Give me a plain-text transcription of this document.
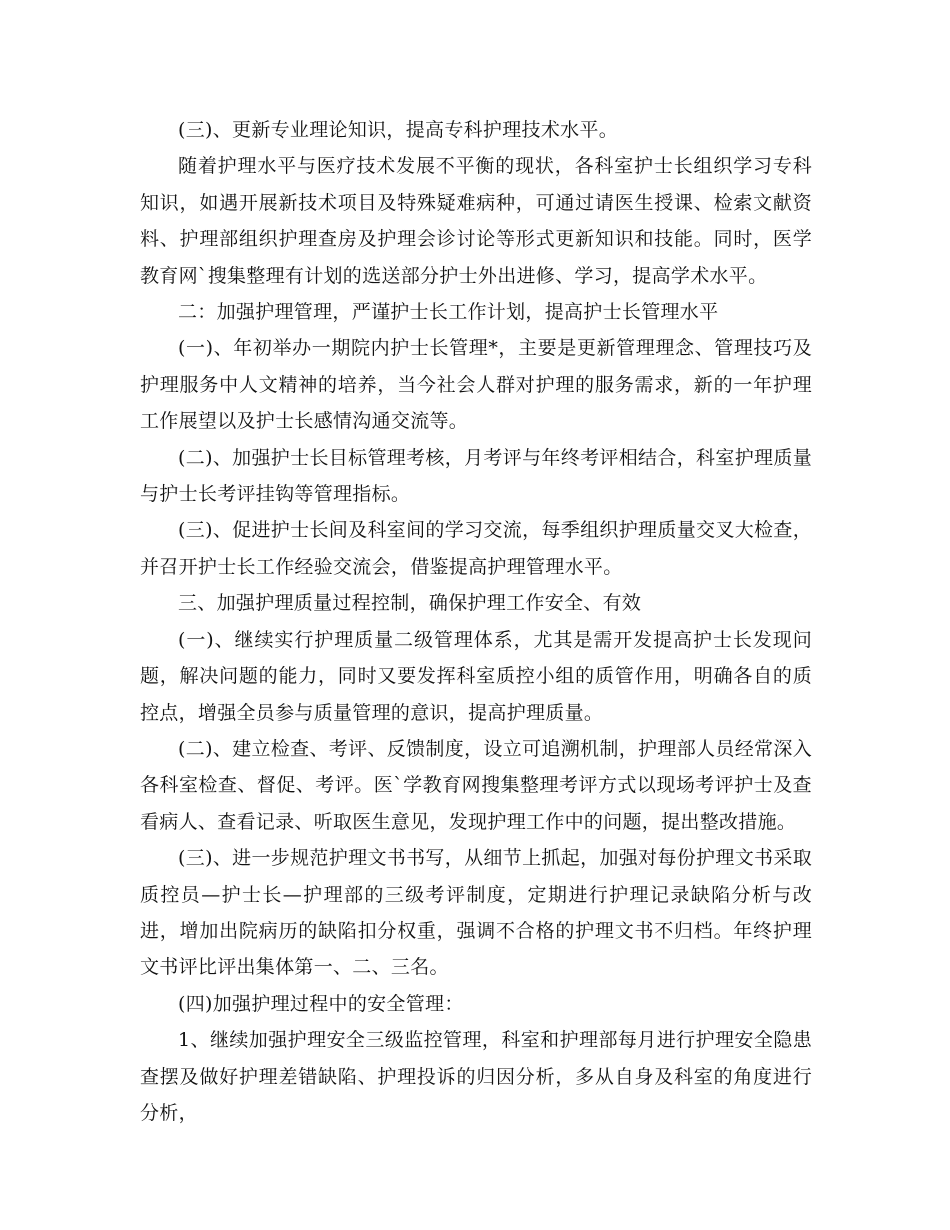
(三)、更新专业理论知识，提高专科护理技术水平。

随着护理水平与医疗技术发展不平衡的现状，各科室护士长组织学习专科知识，如遇开展新技术项目及特殊疑难病种，可通过请医生授课、检索文献资料、护理部组织护理查房及护理会诊讨论等形式更新知识和技能。同时，医学教育网`搜集整理有计划的选送部分护士外出进修、学习，提高学术水平。

二：加强护理管理，严谨护士长工作计划，提高护士长管理水平

(一)、年初举办一期院内护士长管理*，主要是更新管理理念、管理技巧及护理服务中人文精神的培养，当今社会人群对护理的服务需求，新的一年护理工作展望以及护士长感情沟通交流等。

(二)、加强护士长目标管理考核，月考评与年终考评相结合，科室护理质量与护士长考评挂钩等管理指标。

(三)、促进护士长间及科室间的学习交流，每季组织护理质量交叉大检查，并召开护士长工作经验交流会，借鉴提高护理管理水平。

三、加强护理质量过程控制，确保护理工作安全、有效

(一)、继续实行护理质量二级管理体系，尤其是需开发提高护士长发现问题，解决问题的能力，同时又要发挥科室质控小组的质管作用，明确各自的质控点，增强全员参与质量管理的意识，提高护理质量。

(二)、建立检查、考评、反馈制度，设立可追溯机制，护理部人员经常深入各科室检查、督促、考评。医`学教育网搜集整理考评方式以现场考评护士及查看病人、查看记录、听取医生意见，发现护理工作中的问题，提出整改措施。

(三)、进一步规范护理文书书写，从细节上抓起，加强对每份护理文书采取质控员—护士长—护理部的三级考评制度，定期进行护理记录缺陷分析与改进，增加出院病历的缺陷扣分权重，强调不合格的护理文书不归档。年终护理文书评比评出集体第一、二、三名。

(四)加强护理过程中的安全管理：

1、继续加强护理安全三级监控管理，科室和护理部每月进行护理安全隐患查摆及做好护理差错缺陷、护理投诉的归因分析，多从自身及科室的角度进行分析，
